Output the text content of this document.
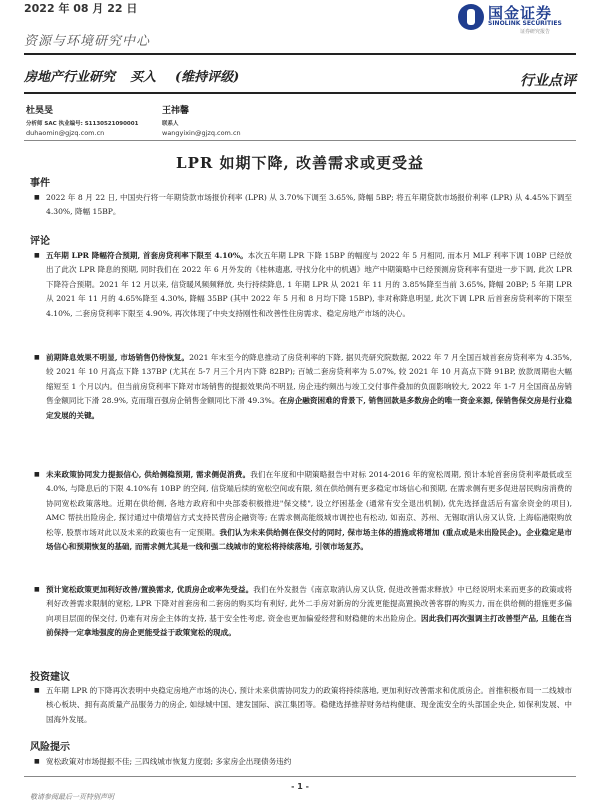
2022 年 08 月 22 日	国金证券
SINOLINK SECURITIES
证券研究报告
资源与环境研究中心
房地产行业研究 买入 (维持评级)	行业点评
杜昊旻
分析师 SAC 执业编号: S1130521090001
duhaomin@gjzq.com.cn
王祎馨
联系人
wangyixin@gjzq.com.cn
LPR 如期下降, 改善需求或更受益
事件
■ 2022 年 8 月 22 日, 中国央行将一年期贷款市场报价利率 (LPR) 从 3.70%下调至 3.65%, 降幅 5BP; 将五年期贷款市场报价利率 (LPR) 从 4.45%下调至 4.30%, 降幅 15BP。
评论
■ 五年期 LPR 降幅符合预期, 首套房贷利率下限至 4.10%。本次五年期 LPR 下降 15BP 的幅度与 2022 年 5 月相同, 而本月 MLF 利率下调 10BP 已经放出了此次 LPR 降息的预期, 同时我们在 2022 年 6 月外发的《桂林遗惠, 寻找分化中的机遇》地产中期策略中已经预测房贷利率有望进一步下调, 此次 LPR 下降符合预期。2021 年 12 月以来, 信贷暖风频频释放, 央行持续降息, 1 年期 LPR 从 2021 年 11 月的 3.85%降至当前 3.65%, 降幅 20BP; 5 年期 LPR 从 2021 年 11 月的 4.65%降至 4.30%, 降幅 35BP (其中 2022 年 5 月和 8 月均下降 15BP), 非对称降息明显, 此次下调 LPR 后首套房贷利率的下限至 4.10%, 二套房贷利率下限至 4.90%, 再次体现了中央支持刚性和改善性住房需求、稳定房地产市场的决心。
■ 前期降息效果不明显, 市场销售仍待恢复。2021 年末至今的降息推动了房贷利率的下降, 据贝壳研究院数据, 2022 年 7 月全国百城首套房贷利率为 4.35%, 较 2021 年 10 月高点下降 137BP (尤其在 5-7 月三个月内下降 82BP); 百城二套房贷利率为 5.07%, 较 2021 年 10 月高点下降 91BP, 放款周期也大幅缩短至 1 个月以内。但当前房贷利率下降对市场销售的提振效果尚不明显, 房企违约频出与竣工交付事件叠加的负面影响较大, 2022 年 1-7 月全国商品房销售金额同比下滑 28.9%, 克而瑞百强房企销售金额同比下滑 49.3%。在房企融资困难的背景下, 销售回款是多数房企的唯一资金来源, 保销售保交房是行业稳定发展的关键。
■ 未来政策协同发力提振信心, 供给侧稳预期, 需求侧促消费。我们在年度和中期策略报告中对标 2014-2016 年的宽松周期, 预计本轮首套房贷利率最低或至 4.0%, 与降息后的下限 4.10%有 10BP 的空间, 信贷端后续的宽松空间或有限, 须在供给侧有更多稳定市场信心和预期, 在需求侧有更多促进居民购房消费的协同宽松政策落地。近期在供给侧, 各地方政府和中央部委积极推进"保交楼", 设立纾困基金 (通常有安全退出机制), 优先选择盘活后有富余资金的项目), AMC 帮扶出险房企, 探讨通过中债增信方式支持民营房企融资等; 在需求侧高能级城市调控也有松动, 如南京、苏州、无锡取消认房又认贷, 上海临港限购放松等, 股票市场对此以及未来的政策也有一定预期。我们认为未来供给侧在保交付的同时, 保市场主体的措施或将增加 (重点或是未出险民企)。企业稳定是市场信心和预期恢复的基础, 而需求侧尤其是一线和强二线城市的宽松将持续落地, 引领市场复苏。
■ 预计宽松政策更加利好改善/置换需求, 优质房企或率先受益。我们在外发报告《南京取消认房又认贷, 促进改善需求释放》中已经说明未来而更多的政策或将利好改善需求限制的宽松, LPR 下降对首套房和二套房的购买均有利好, 此外二手房对新房的分流更能提高置换改善客群的购买力, 而在供给侧的措施更多偏向项目层面的保交付, 仍难有对房企主体的支持, 基于安全性考虑, 资金也更加偏爱经营和财稳健的未出险房企。因此我们再次强调主打改善型产品, 且能在当前保持一定拿地强度的房企更能受益于政策宽松的现成。
投资建议
■ 五年期 LPR 的下降再次表明中央稳定房地产市场的决心, 预计未来供需协同发力的政策将持续落地, 更加利好改善需求和优质房企。首推积极布局一二线城市核心板块、拥有高质量产品服务力的房企, 如绿城中国、建发国际、滨江集团等。稳健选择推荐财务结构健康、现金流安全的头部国企央企, 如保利发展、中国海外发展。
风险提示
■ 宽松政策对市场提振不佳; 三四线城市恢复力度弱; 多家房企出现债务违约
- 1 -
敬请参阅最后一页特别声明
